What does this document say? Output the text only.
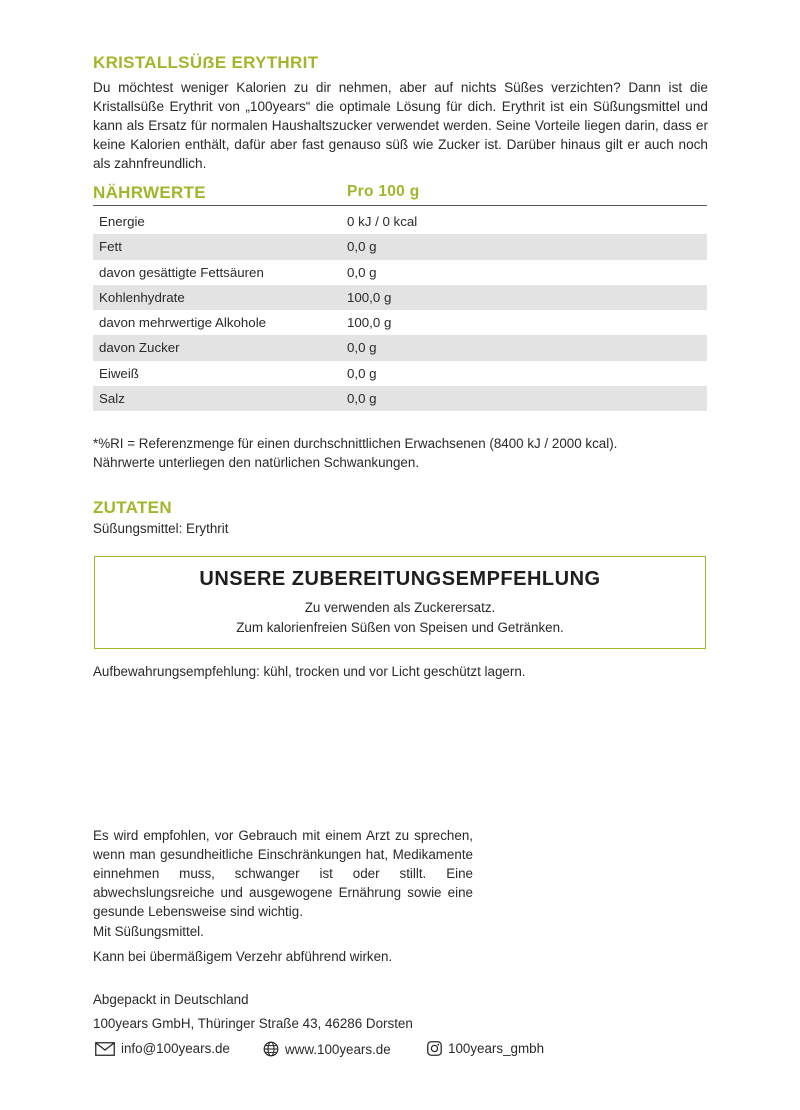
KRISTALLSÜẞE ERYTHRIT
Du möchtest weniger Kalorien zu dir nehmen, aber auf nichts Süßes verzichten? Dann ist die Kristallsüße Erythrit von „100years“ die optimale Lösung für dich. Erythrit ist ein Süßungsmittel und kann als Ersatz für normalen Haushaltszucker verwendet werden. Seine Vorteile liegen darin, dass er keine Kalorien enthält, dafür aber fast genauso süß wie Zucker ist. Darüber hinaus gilt er auch noch als zahnfreundlich.
NÄHRWERTE	Pro 100 g
Energie	0 kJ / 0 kcal
Fett	0,0 g
davon gesättigte Fettsäuren	0,0 g
Kohlenhydrate	100,0 g
davon mehrwertige Alkohole	100,0 g
davon Zucker	0,0 g
Eiweiß	0,0 g
Salz	0,0 g
*%RI = Referenzmenge für einen durchschnittlichen Erwachsenen (8400 kJ / 2000 kcal).
Nährwerte unterliegen den natürlichen Schwankungen.
ZUTATEN
Süßungsmittel: Erythrit
UNSERE ZUBEREITUNGSEMPFEHLUNG
Zu verwenden als Zuckerersatz.
Zum kalorienfreien Süßen von Speisen und Getränken.
Aufbewahrungsempfehlung: kühl, trocken und vor Licht geschützt lagern.
Es wird empfohlen, vor Gebrauch mit einem Arzt zu sprechen, wenn man gesundheitliche Einschränkungen hat, Medikamente einnehmen muss, schwanger ist oder stillt. Eine abwechslungsreiche und ausgewogene Ernährung sowie eine gesunde Lebensweise sind wichtig.
Mit Süßungsmittel.
Kann bei übermäßigem Verzehr abführend wirken.
Abgepackt in Deutschland
100years GmbH, Thüringer Straße 43, 46286 Dorsten
info@100years.de	www.100years.de	100years_gmbh
